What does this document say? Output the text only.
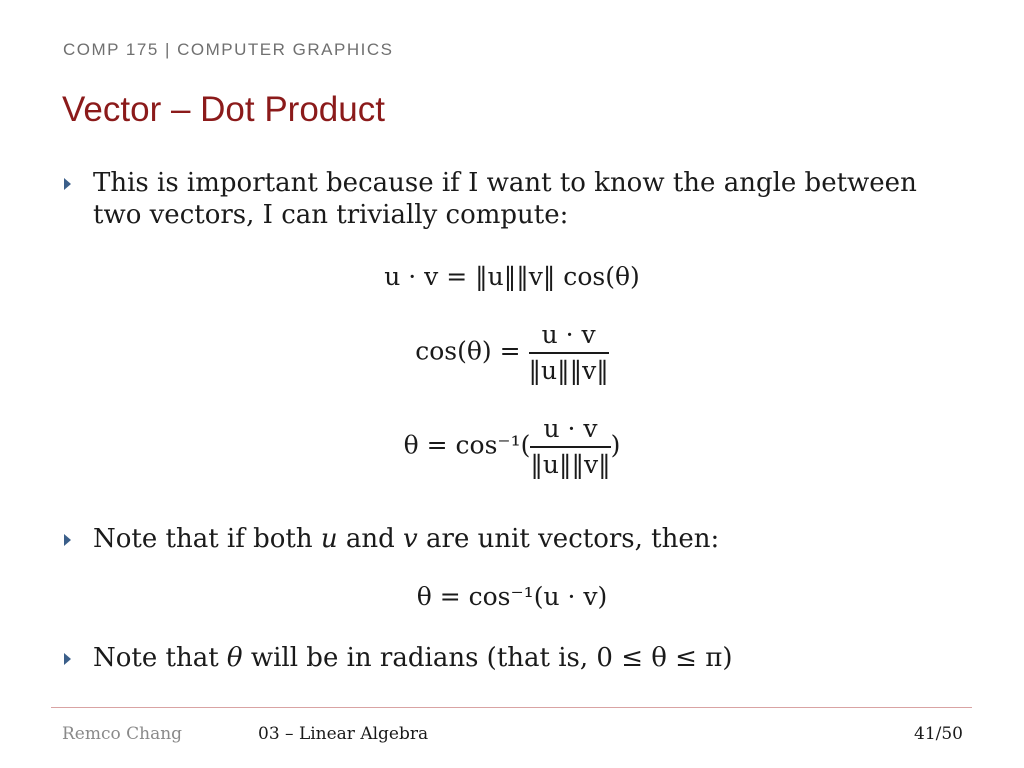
COMP 175 | COMPUTER GRAPHICS
Vector – Dot Product
This is important because if I want to know the angle between two vectors, I can trivially compute:
u · v = ‖u‖‖v‖ cos(θ)
$\cos(\theta) = \frac{u \cdot v}{‖u‖‖v‖}$
$\theta = \cos^{-1}( \frac{u \cdot v}{‖u‖‖v‖}$ )
Note that if both u and v are unit vectors, then:
θ = cos⁻¹(u · v)
Note that θ will be in radians (that is, 0 ≤ θ ≤ π)
Remco Chang	03 – Linear Algebra	41/50
